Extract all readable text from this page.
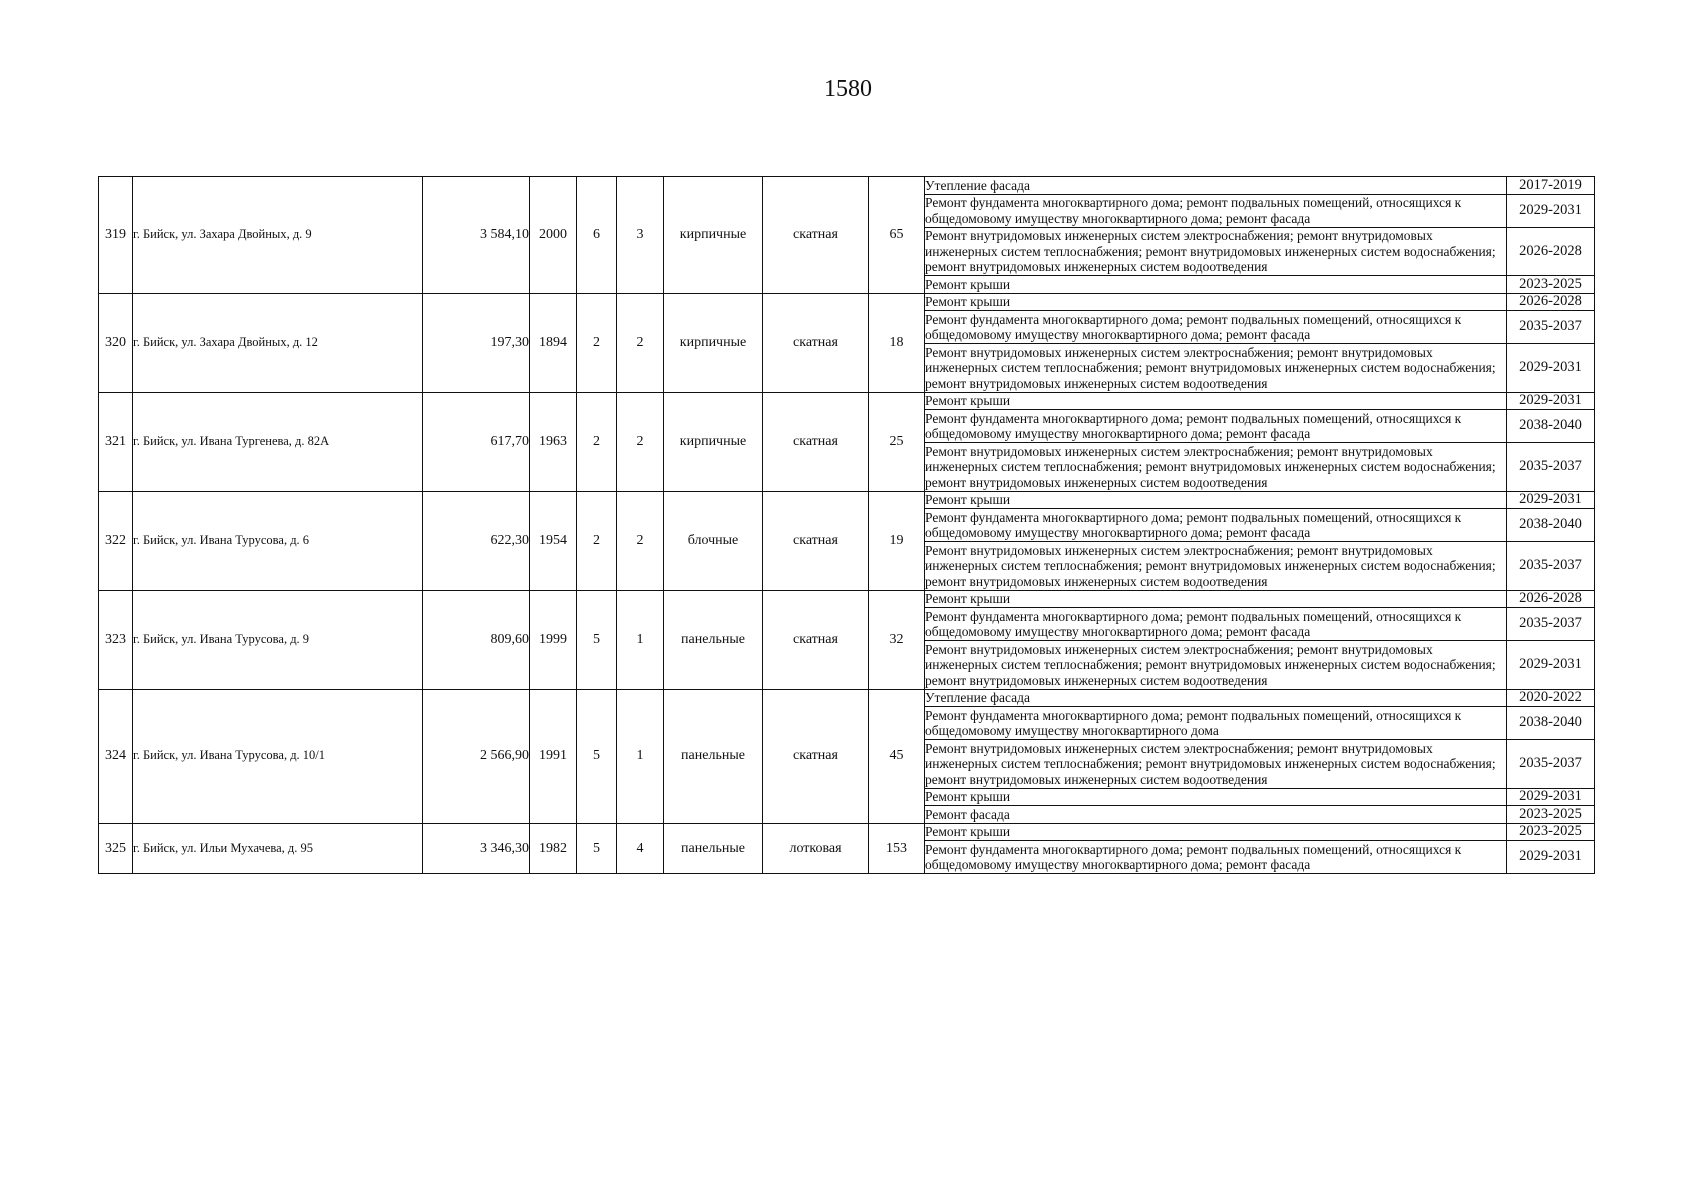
1580
319	г. Бийск, ул. Захара Двойных, д. 9	3 584,10	2000	6	3	кирпичные	скатная	65	Утепление фасада	2017-2019
									Ремонт фундамента многоквартирного дома; ремонт подвальных помещений, относящихся к общедомовому имуществу многоквартирного дома; ремонт фасада	2029-2031
									Ремонт внутридомовых инженерных систем электроснабжения; ремонт внутридомовых инженерных систем теплоснабжения; ремонт внутридомовых инженерных систем водоснабжения; ремонт внутридомовых инженерных систем водоотведения	2026-2028
									Ремонт крыши	2023-2025
320	г. Бийск, ул. Захара Двойных, д. 12	197,30	1894	2	2	кирпичные	скатная	18	Ремонт крыши	2026-2028
									Ремонт фундамента многоквартирного дома; ремонт подвальных помещений, относящихся к общедомовому имуществу многоквартирного дома; ремонт фасада	2035-2037
									Ремонт внутридомовых инженерных систем электроснабжения; ремонт внутридомовых инженерных систем теплоснабжения; ремонт внутридомовых инженерных систем водоснабжения; ремонт внутридомовых инженерных систем водоотведения	2029-2031
321	г. Бийск, ул. Ивана Тургенева, д. 82А	617,70	1963	2	2	кирпичные	скатная	25	Ремонт крыши	2029-2031
									Ремонт фундамента многоквартирного дома; ремонт подвальных помещений, относящихся к общедомовому имуществу многоквартирного дома; ремонт фасада	2038-2040
									Ремонт внутридомовых инженерных систем электроснабжения; ремонт внутридомовых инженерных систем теплоснабжения; ремонт внутридомовых инженерных систем водоснабжения; ремонт внутридомовых инженерных систем водоотведения	2035-2037
322	г. Бийск, ул. Ивана Турусова, д. 6	622,30	1954	2	2	блочные	скатная	19	Ремонт крыши	2029-2031
									Ремонт фундамента многоквартирного дома; ремонт подвальных помещений, относящихся к общедомовому имуществу многоквартирного дома; ремонт фасада	2038-2040
									Ремонт внутридомовых инженерных систем электроснабжения; ремонт внутридомовых инженерных систем теплоснабжения; ремонт внутридомовых инженерных систем водоснабжения; ремонт внутридомовых инженерных систем водоотведения	2035-2037
323	г. Бийск, ул. Ивана Турусова, д. 9	809,60	1999	5	1	панельные	скатная	32	Ремонт крыши	2026-2028
									Ремонт фундамента многоквартирного дома; ремонт подвальных помещений, относящихся к общедомовому имуществу многоквартирного дома; ремонт фасада	2035-2037
									Ремонт внутридомовых инженерных систем электроснабжения; ремонт внутридомовых инженерных систем теплоснабжения; ремонт внутридомовых инженерных систем водоснабжения; ремонт внутридомовых инженерных систем водоотведения	2029-2031
324	г. Бийск, ул. Ивана Турусова, д. 10/1	2 566,90	1991	5	1	панельные	скатная	45	Утепление фасада	2020-2022
									Ремонт фундамента многоквартирного дома; ремонт подвальных помещений, относящихся к общедомовому имуществу многоквартирного дома	2038-2040
									Ремонт внутридомовых инженерных систем электроснабжения; ремонт внутридомовых инженерных систем теплоснабжения; ремонт внутридомовых инженерных систем водоснабжения; ремонт внутридомовых инженерных систем водоотведения	2035-2037
									Ремонт крыши	2029-2031
									Ремонт фасада	2023-2025
325	г. Бийск, ул. Ильи Мухачева, д. 95	3 346,30	1982	5	4	панельные	лотковая	153	Ремонт крыши	2023-2025
									Ремонт фундамента многоквартирного дома; ремонт подвальных помещений, относящихся к общедомовому имуществу многоквартирного дома; ремонт фасада	2029-2031
